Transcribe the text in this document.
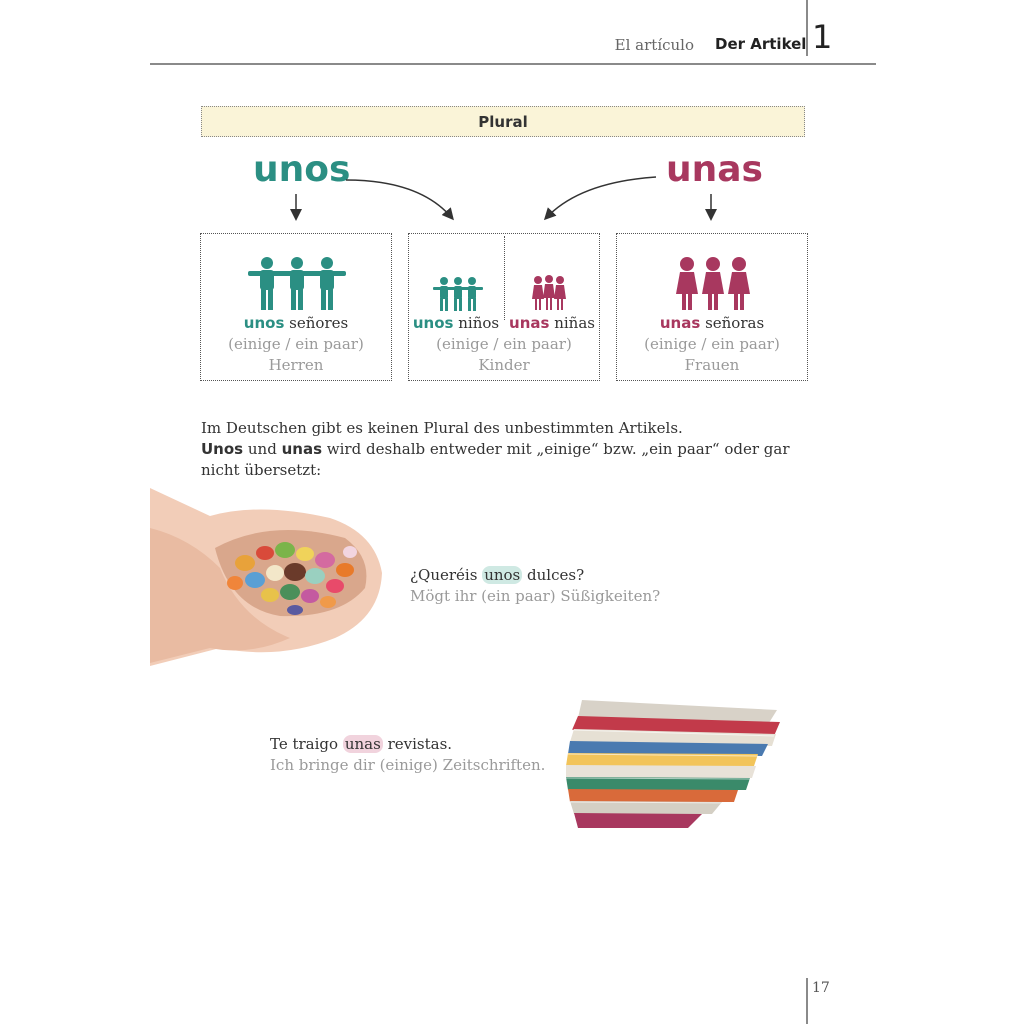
El artículo Der Artikel 1
Plural
unos	unas
unos señores
(einige / ein paar)
Herren
unos niños unas niñas
(einige / ein paar)
Kinder
unas señoras
(einige / ein paar)
Frauen
Im Deutschen gibt es keinen Plural des unbestimmten Artikels.
Unos und unas wird deshalb entweder mit „einige“ bzw. „ein paar“ oder gar nicht übersetzt:
¿Queréis unos dulces?
Mögt ihr (ein paar) Süßigkeiten?
Te traigo unas revistas.
Ich bringe dir (einige) Zeitschriften.
17
